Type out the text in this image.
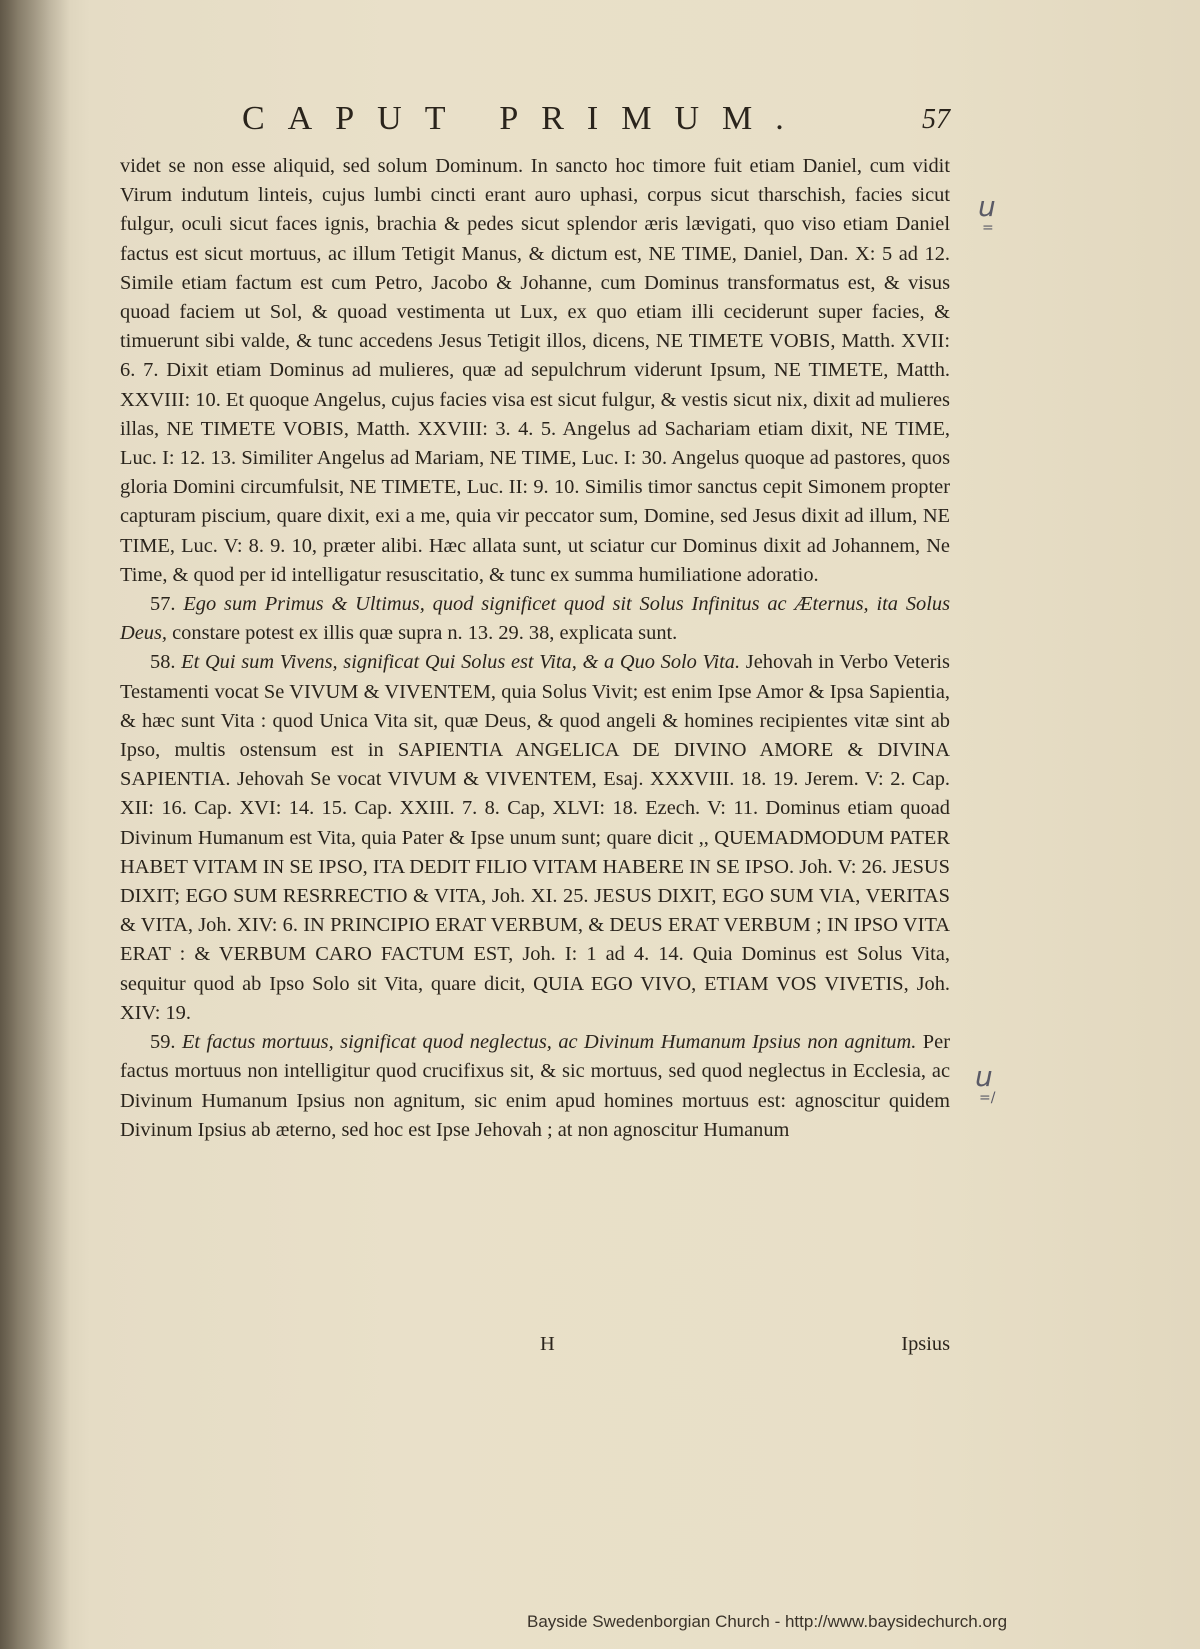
CAPUT PRIMUM.	57

videt se non esse aliquid, sed solum Dominum. In sancto hoc timore fuit etiam Daniel, cum vidit Virum indutum linteis, cujus lumbi cincti erant auro uphasi, corpus sicut tharschish, facies sicut fulgur, oculi sicut faces ignis, brachia & pedes sicut splendor æris lævigati, quo viso etiam Daniel factus est sicut mortuus, ac illum Tetigit Manus, & dictum est, NE TIME, Daniel, Dan. X: 5 ad 12. Simile etiam factum est cum Petro, Jacobo & Johanne, cum Dominus transformatus est, & visus quoad faciem ut Sol, & quoad vestimenta ut Lux, ex quo etiam illi ceciderunt super facies, & timuerunt sibi valde, & tunc accedens Jesus Tetigit illos, dicens, NE TIMETE VOBIS, Matth. XVII: 6. 7. Dixit etiam Dominus ad mulieres, quæ ad sepulchrum viderunt Ipsum, NE TIMETE, Matth. XXVIII: 10. Et quoque Angelus, cujus facies visa est sicut fulgur, & vestis sicut nix, dixit ad mulieres illas, NE TIMETE VOBIS, Matth. XXVIII: 3. 4. 5. Angelus ad Sachariam etiam dixit, NE TIME, Luc. I: 12. 13. Similiter Angelus ad Mariam, NE TIME, Luc. I: 30. Angelus quoque ad pastores, quos gloria Domini circumfulsit, NE TIMETE, Luc. II: 9. 10. Similis timor sanctus cepit Simonem propter capturam piscium, quare dixit, exi a me, quia vir peccator sum, Domine, sed Jesus dixit ad illum, NE TIME, Luc. V: 8. 9. 10, præter alibi. Hæc allata sunt, ut sciatur cur Dominus dixit ad Johannem, Ne Time, & quod per id intelligatur resuscitatio, & tunc ex summa humiliatione adoratio.

57. Ego sum Primus & Ultimus, quod significet quod sit Solus Infinitus ac Æternus, ita Solus Deus, constare potest ex illis quæ supra n. 13. 29. 38, explicata sunt.

58. Et Qui sum Vivens, significat Qui Solus est Vita, & a Quo Solo Vita. Jehovah in Verbo Veteris Testamenti vocat Se VIVUM & VIVENTEM, quia Solus Vivit; est enim Ipse Amor & Ipsa Sapientia, & hæc sunt Vita : quod Unica Vita sit, quæ Deus, & quod angeli & homines recipientes vitæ sint ab Ipso, multis ostensum est in SAPIENTIA ANGELICA DE DIVINO AMORE & DIVINA SAPIENTIA. Jehovah Se vocat VIVUM & VIVENTEM, Esaj. XXXVIII. 18. 19. Jerem. V: 2. Cap. XII: 16. Cap. XVI: 14. 15. Cap. XXIII. 7. 8. Cap, XLVI: 18. Ezech. V: 11. Dominus etiam quoad Divinum Humanum est Vita, quia Pater & Ipse unum sunt; quare dicit ,, QUEMADMODUM PATER HABET VITAM IN SE IPSO, ITA DEDIT FILIO VITAM HABERE IN SE IPSO. Joh. V: 26. JESUS DIXIT; EGO SUM RESRRECTIO & VITA, Joh. XI. 25. JESUS DIXIT, EGO SUM VIA, VERITAS & VITA, Joh. XIV: 6. IN PRINCIPIO ERAT VERBUM, & DEUS ERAT VERBUM ; IN IPSO VITA ERAT : & VERBUM CARO FACTUM EST, Joh. I: 1 ad 4. 14. Quia Dominus est Solus Vita, sequitur quod ab Ipso Solo sit Vita, quare dicit, QUIA EGO VIVO, ETIAM VOS VIVETIS, Joh. XIV: 19.

59. Et factus mortuus, significat quod neglectus, ac Divinum Humanum Ipsius non agnitum. Per factus mortuus non intelligitur quod crucifixus sit, & sic mortuus, sed quod neglectus in Ecclesia, ac Divinum Humanum Ipsius non agnitum, sic enim apud homines mortuus est: agnoscitur quidem Divinum Ipsius ab æterno, sed hoc est Ipse Jehovah ; at non agnoscitur Humanum

H	Ipsius
u
=
u
=/
Bayside Swedenborgian Church - http://www.baysidechurch.org
